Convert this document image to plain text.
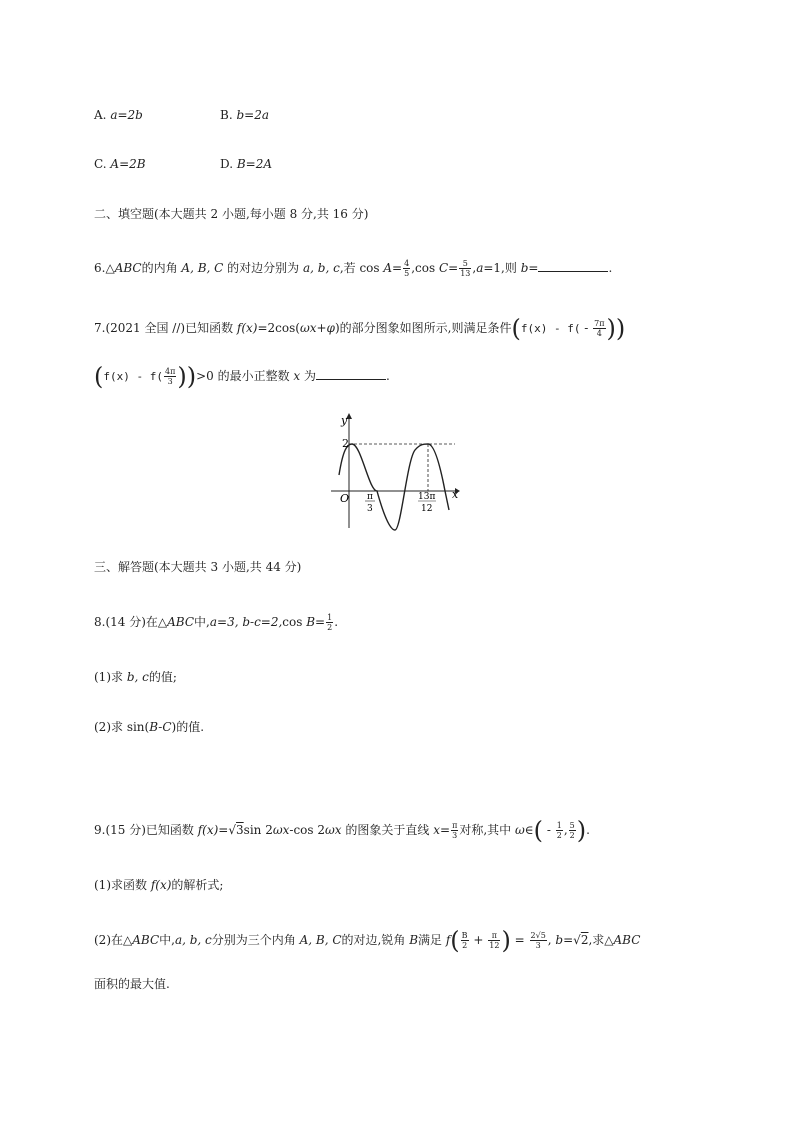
A. a=2b	B. b=2a
C. A=2B	D. B=2A
二、填空题(本大题共 2 小题,每小题 8 分,共 16 分)
6.△ABC的内角 A, B, C 的对边分别为 a, b, c,若 $\cos A= \frac{4}{5} ,\cos$ $C= \frac{5}{13} ,a=1$,则 b=	.
7.(2021 全国 //)已知函数 f(x)=2cos(ωx+φ)的部分图象如图所示,则满足条件($f(x) - f( - \frac{7\pi}{4}$ ))
$(f(x) - f( \frac{4\pi}{3} ))>0$ 的最小正整数 x 为	.
y
x
O
2
π
3
13π
12
三、解答题(本大题共 3 小题,共 44 分)
8.(14 分)在△ABC中,a=3, b-c=2,cos $B= \frac{1}{2}$ .
(1)求 b, c的值;
(2)求 sin(B-C)的值.
9.(15 分)已知函数 f(x)=√3sin 2ωx-cos 2ωx 的图象关于直线 $x= \frac{\pi}{3}$ 对称,其中 ω∈( - $\frac{1}{2}$ , $\frac{5}{2}$ ).
(1)求函数 f(x)的解析式;
(2)在△ABC中,a, b, c分别为三个内角 A, B, C的对边,锐角 B满足 $f( \frac{B}{2} + \frac{\pi}{12}$ ) = $\frac{2√5}{3}$ , b=√2,求△ABC
面积的最大值.
